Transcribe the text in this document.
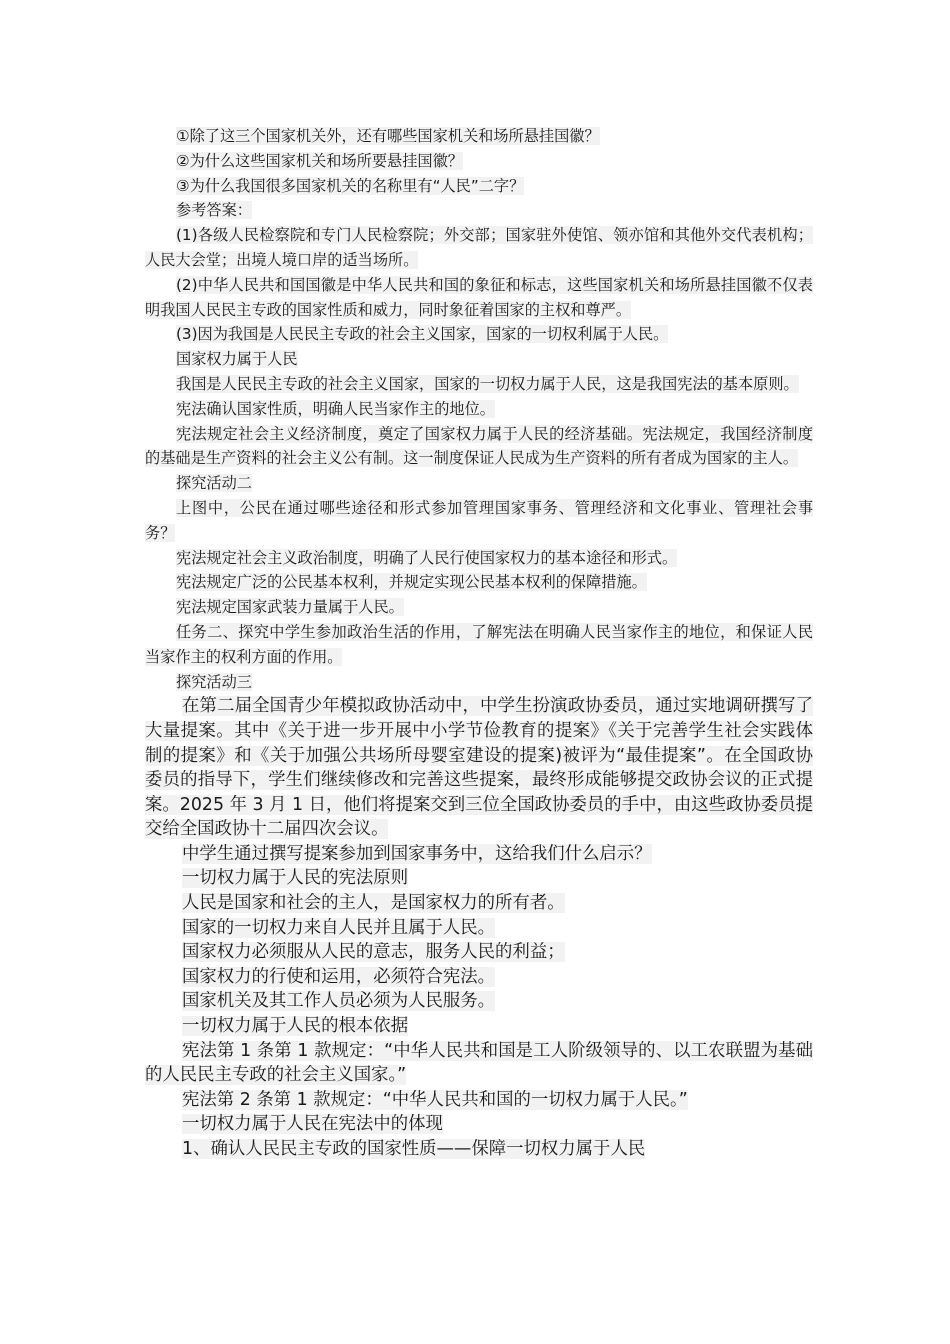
①除了这三个国家机关外，还有哪些国家机关和场所悬挂国徽？

②为什么这些国家机关和场所要悬挂国徽？

③为什么我国很多国家机关的名称里有“人民”二字？

参考答案：

(1)各级人民检察院和专门人民检察院；外交部；国家驻外使馆、领亦馆和其他外交代表机构；人民大会堂；出境人境口岸的适当场所。

(2)中华人民共和国国徽是中华人民共和国的象征和标志，这些国家机关和场所悬挂国徽不仅表明我国人民民主专政的国家性质和威力，同时象征着国家的主权和尊严。

(3)因为我国是人民民主专政的社会主义国家，国家的一切权利属于人民。

国家权力属于人民

我国是人民民主专政的社会主义国家，国家的一切权力属于人民，这是我国宪法的基本原则。

宪法确认国家性质，明确人民当家作主的地位。

宪法规定社会主义经济制度，奠定了国家权力属于人民的经济基础。宪法规定，我国经济制度的基础是生产资料的社会主义公有制。这一制度保证人民成为生产资料的所有者成为国家的主人。

探究活动二

上图中，公民在通过哪些途径和形式参加管理国家事务、管理经济和文化事业、管理社会事务？

宪法规定社会主义政治制度，明确了人民行使国家权力的基本途径和形式。

宪法规定广泛的公民基本权利，并规定实现公民基本权利的保障措施。

宪法规定国家武装力量属于人民。

任务二、探究中学生参加政治生活的作用，了解宪法在明确人民当家作主的地位，和保证人民当家作主的权利方面的作用。

探究活动三

在第二届全国青少年模拟政协活动中，中学生扮演政协委员，通过实地调研撰写了大量提案。其中《关于进一步开展中小学节俭教育的提案》《关于完善学生社会实践体制的提案》和《关于加强公共场所母婴室建设的提案)被评为“最佳提案”。在全国政协委员的指导下，学生们继续修改和完善这些提案，最终形成能够提交政协会议的正式提案。2025 年 3 月 1 日，他们将提案交到三位全国政协委员的手中，由这些政协委员提交给全国政协十二届四次会议。

中学生通过撰写提案参加到国家事务中，这给我们什么启示？

一切权力属于人民的宪法原则

人民是国家和社会的主人，是国家权力的所有者。

国家的一切权力来自人民并且属于人民。

国家权力必须服从人民的意志，服务人民的利益；

国家权力的行使和运用，必须符合宪法。

国家机关及其工作人员必须为人民服务。

一切权力属于人民的根本依据

宪法第 1 条第 1 款规定：“中华人民共和国是工人阶级领导的、以工农联盟为基础的人民民主专政的社会主义国家。”

宪法第 2 条第 1 款规定：“中华人民共和国的一切权力属于人民。”

一切权力属于人民在宪法中的体现

1、确认人民民主专政的国家性质——保障一切权力属于人民
